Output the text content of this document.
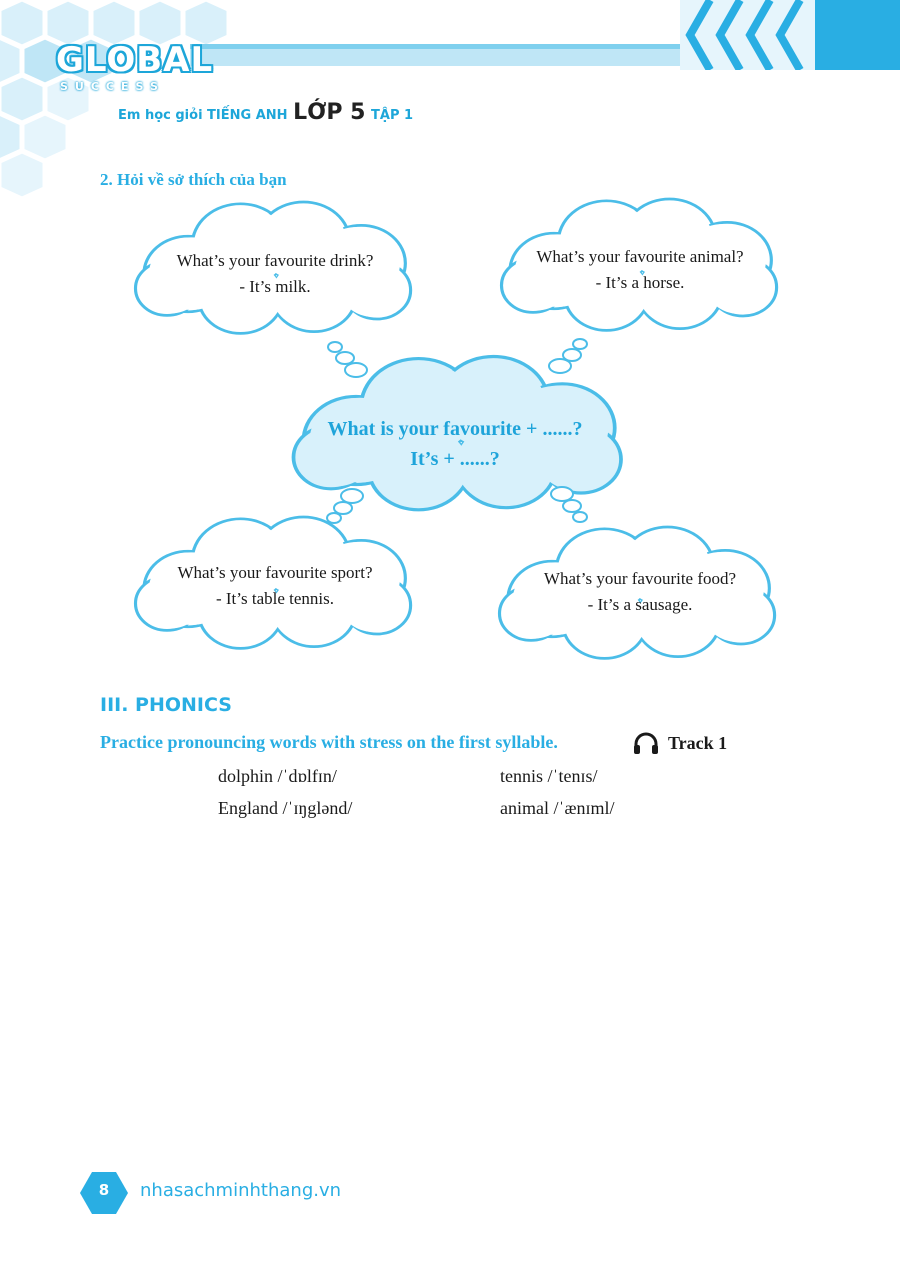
GLOBAL
SUCCESS
Em học giỏi TIẾNG ANH LỚP 5 TẬP 1
2. Hỏi về sở thích của bạn
What’s your favourite drink?
- It’s milk.
What’s your favourite animal?
- It’s a horse.
What is your favourite + ......?
It’s + ......?
What’s your favourite sport?
- It’s table tennis.
What’s your favourite food?
- It’s a sausage.
III. PHONICS
Practice pronouncing words with stress on the first syllable.	Track 1
dolphin /ˈdɒlfɪn/	tennis /ˈtenɪs/
England /ˈɪŋglənd/	animal /ˈænɪml/
8	nhasachminhthang.vn
